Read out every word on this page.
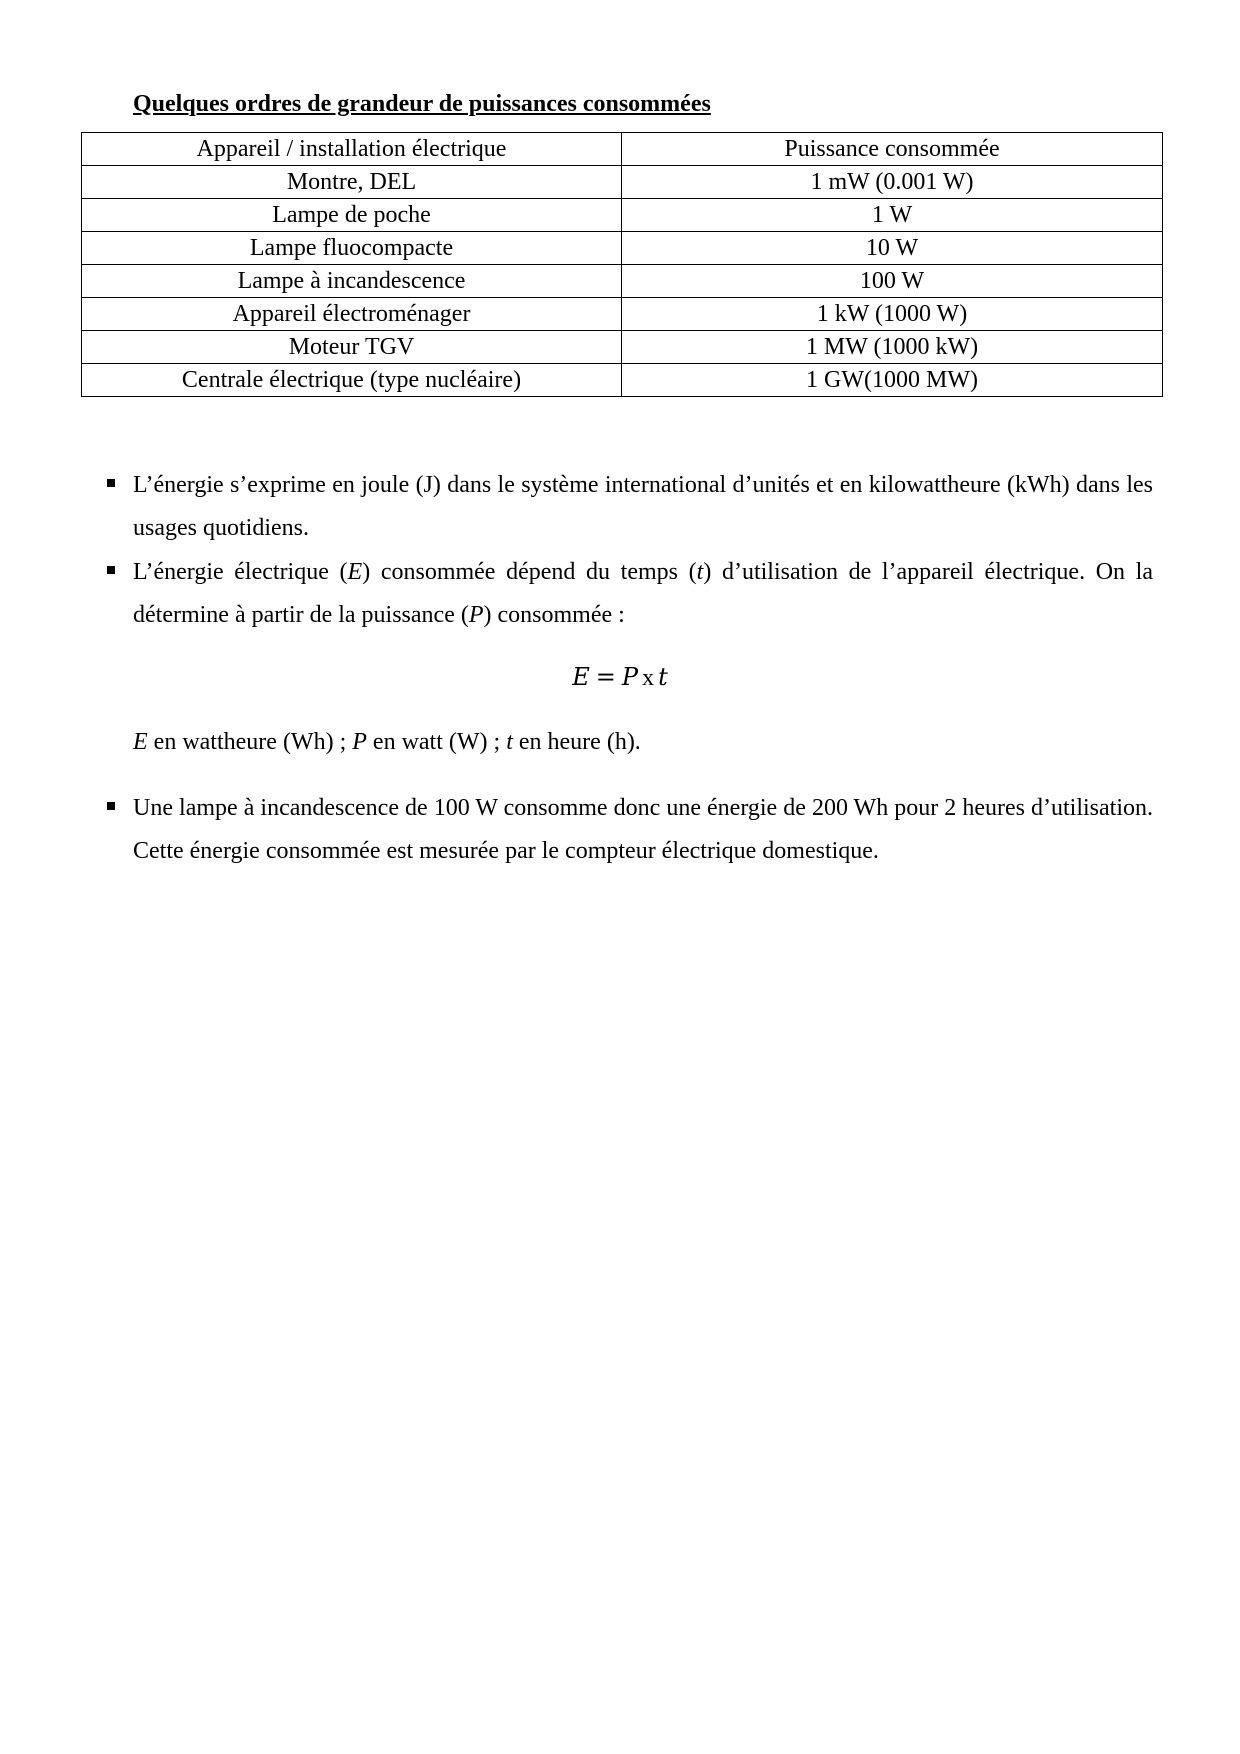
Quelques ordres de grandeur de puissances consommées
Appareil / installation électrique	Puissance consommée
Montre, DEL	1 mW (0.001 W)
Lampe de poche	1 W
Lampe fluocompacte	10 W
Lampe à incandescence	100 W
Appareil électroménager	1 kW (1000 W)
Moteur TGV	1 MW (1000 kW)
Centrale électrique (type nucléaire)	1 GW(1000 MW)
L’énergie s’exprime en joule (J) dans le système international d’unités et en kilowattheure (kWh) dans les usages quotidiens.
L’énergie électrique (E) consommée dépend du temps (t) d’utilisation de l’appareil électrique. On la détermine à partir de la puissance (P) consommée :
E = P x t
E en wattheure (Wh) ; P en watt (W) ; t en heure (h).
Une lampe à incandescence de 100 W consomme donc une énergie de 200 Wh pour 2 heures d’utilisation. Cette énergie consommée est mesurée par le compteur électrique domestique.
